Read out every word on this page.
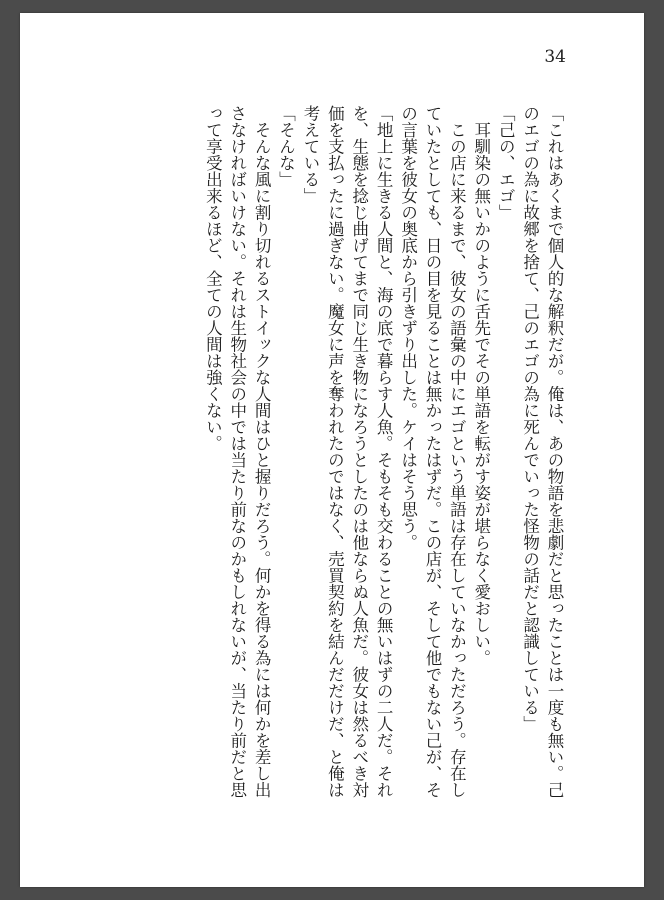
34

「これはあくまで個人的な解釈だが。俺は、あの物語を悲劇だと思ったことは一度も無い。己

のエゴの為に故郷を捨て、己のエゴの為に死んでいった怪物の話だと認識している」

「己の、エゴ」

　耳馴染の無いかのように舌先でその単語を転がす姿が堪らなく愛おしい。

　この店に来るまで、彼女の語彙の中にエゴという単語は存在していなかっただろう。存在し

ていたとしても、日の目を見ることは無かったはずだ。この店が、そして他でもない己が、そ

の言葉を彼女の奥底から引きずり出した。ケイはそう思う。

「地上に生きる人間と、海の底で暮らす人魚。そもそも交わることの無いはずの二人だ。それ

を、生態を捻じ曲げてまで同じ生き物になろうとしたのは他ならぬ人魚だ。彼女は然るべき対

価を支払ったに過ぎない。魔女に声を奪われたのではなく、売買契約を結んだだけだ、と俺は

考えている」

「そんな」

　そんな風に割り切れるストイックな人間はひと握りだろう。何かを得る為には何かを差し出

さなければいけない。それは生物社会の中では当たり前なのかもしれないが、当たり前だと思

って享受出来るほど、全ての人間は強くない。
